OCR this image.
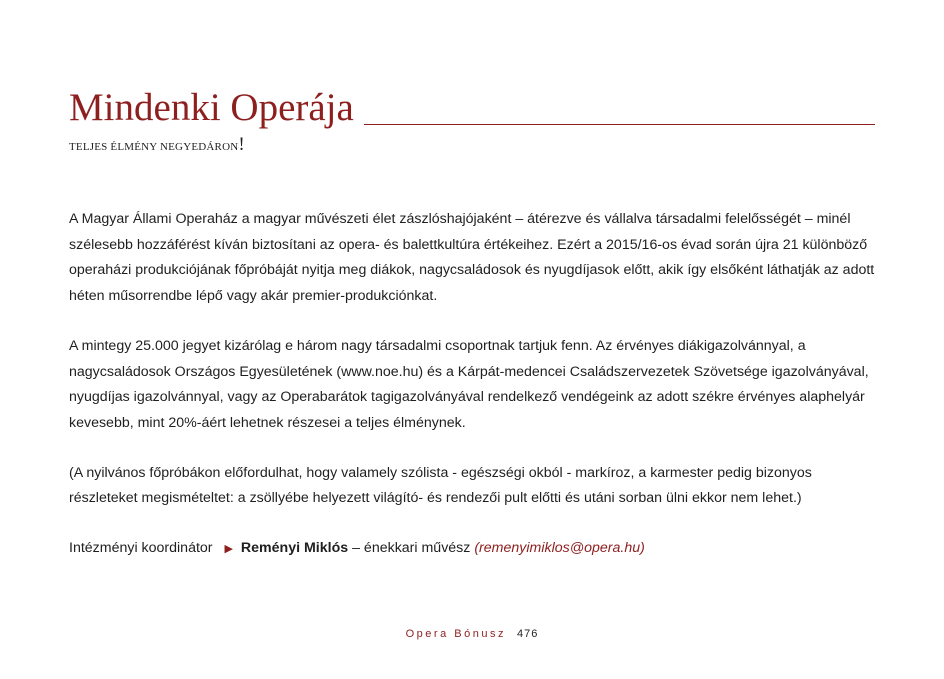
Mindenki Operája
TELJES ÉLMÉNY NEGYEDÁRON!

A Magyar Állami Operaház a magyar művészeti élet zászlóshajójaként – átérezve és vállalva társadalmi felelősségét – minél szélesebb hozzáférést kíván biztosítani az opera- és balettkultúra értékeihez. Ezért a 2015/16-os évad során újra 21 különböző operaházi produkciójának főpróbáját nyitja meg diákok, nagycsaládosok és nyugdíjasok előtt, akik így elsőként láthatják az adott héten műsorrendbe lépő vagy akár premier-produkciónkat.

A mintegy 25.000 jegyet kizárólag e három nagy társadalmi csoportnak tartjuk fenn. Az érvényes diákigazolvánnyal, a nagycsaládosok Országos Egyesületének (www.noe.hu) és a Kárpát-medencei Családszervezetek Szövetsége igazolványával, nyugdíjas igazolvánnyal, vagy az Operabarátok tagigazolványával rendelkező vendégeink az adott székre érvényes alaphelyár kevesebb, mint 20%-áért lehetnek részesei a teljes élménynek.

(A nyilvános főpróbákon előfordulhat, hogy valamely szólista - egészségi okból - markíroz, a karmester pedig bizonyos részleteket megismételtet: a zsöllyébe helyezett világító- és rendezői pult előtti és utáni sorban ülni ekkor nem lehet.)

Intézményi koordinátor ▶ Reményi Miklós – énekkari művész (remenyimiklos@opera.hu)
Opera Bónusz 476
